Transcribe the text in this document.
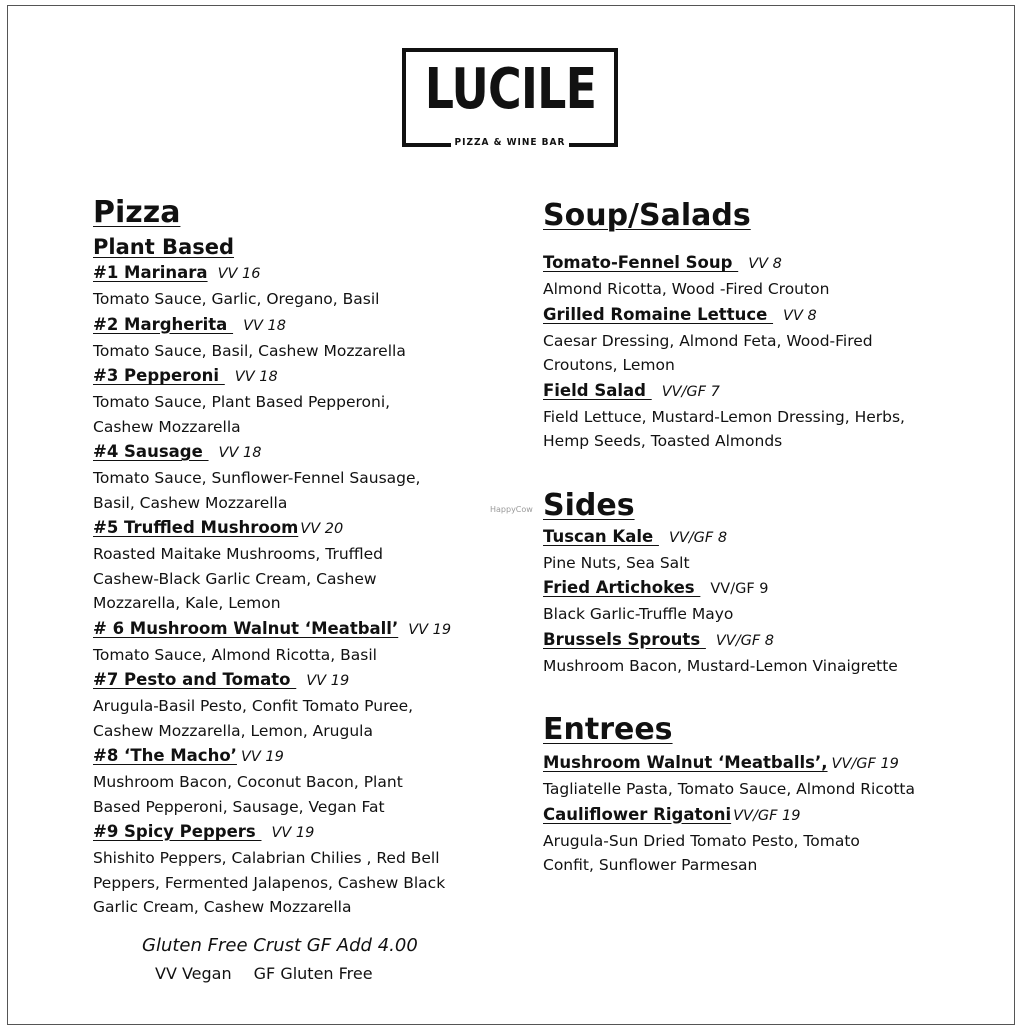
LUCILE
PIZZA & WINE BAR
Pizza
Plant Based
#1 Marinara VV 16
Tomato Sauce, Garlic, Oregano, Basil
#2 Margherita VV 18
Tomato Sauce, Basil, Cashew Mozzarella
#3 Pepperoni VV 18
Tomato Sauce, Plant Based Pepperoni, Cashew Mozzarella
#4 Sausage VV 18
Tomato Sauce, Sunflower-Fennel Sausage, Basil, Cashew Mozzarella
#5 Truffled Mushroom VV 20
Roasted Maitake Mushrooms, Truffled Cashew-Black Garlic Cream, Cashew Mozzarella, Kale, Lemon
# 6 Mushroom Walnut ‘Meatball’ VV 19
Tomato Sauce, Almond Ricotta, Basil
#7 Pesto and Tomato VV 19
Arugula-Basil Pesto, Confit Tomato Puree, Cashew Mozzarella, Lemon, Arugula
#8 ‘The Macho’ VV 19
Mushroom Bacon, Coconut Bacon, Plant Based Pepperoni, Sausage, Vegan Fat
#9 Spicy Peppers VV 19
Shishito Peppers, Calabrian Chilies , Red Bell Peppers, Fermented Jalapenos, Cashew Black Garlic Cream, Cashew Mozzarella
Soup/Salads
Tomato-Fennel Soup VV 8
Almond Ricotta, Wood -Fired Crouton
Grilled Romaine Lettuce VV 8
Caesar Dressing, Almond Feta, Wood-Fired Croutons, Lemon
Field Salad VV/GF 7
Field Lettuce, Mustard-Lemon Dressing, Herbs, Hemp Seeds, Toasted Almonds
Sides
Tuscan Kale VV/GF 8
Pine Nuts, Sea Salt
Fried Artichokes VV/GF 9
Black Garlic-Truffle Mayo
Brussels Sprouts VV/GF 8
Mushroom Bacon, Mustard-Lemon Vinaigrette
Entrees
Mushroom Walnut ‘Meatballs’, VV/GF 19
Tagliatelle Pasta, Tomato Sauce, Almond Ricotta
Cauliflower Rigatoni VV/GF 19
Arugula-Sun Dried Tomato Pesto, Tomato Confit, Sunflower Parmesan
HappyCow
Gluten Free Crust GF Add 4.00
VV Vegan GF Gluten Free
